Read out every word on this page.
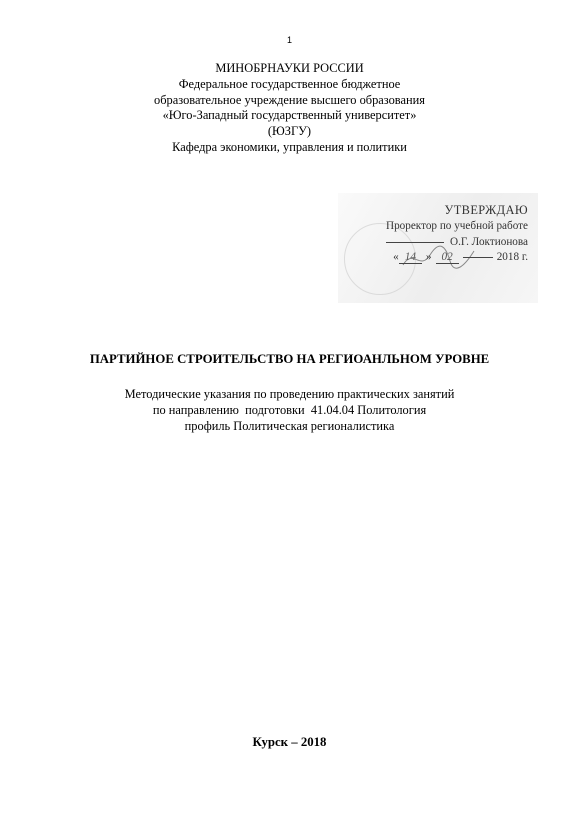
1
МИНОБРНАУКИ РОССИИ
Федеральное государственное бюджетное
образовательное учреждение высшего образования
«Юго-Западный государственный университет»
(ЮЗГУ)
Кафедра экономики, управления и политики
УТВЕРЖДАЮ
Проректор по учебной работе
О.Г. Локтионова
« 14 » 02	2018 г.
ПАРТИЙНОЕ СТРОИТЕЛЬСТВО НА РЕГИОАНЛЬНОМ УРОВНЕ
Методические указания по проведению практических занятий
по направлению  подготовки  41.04.04 Политология
профиль Политическая регионалистика
Курск – 2018
